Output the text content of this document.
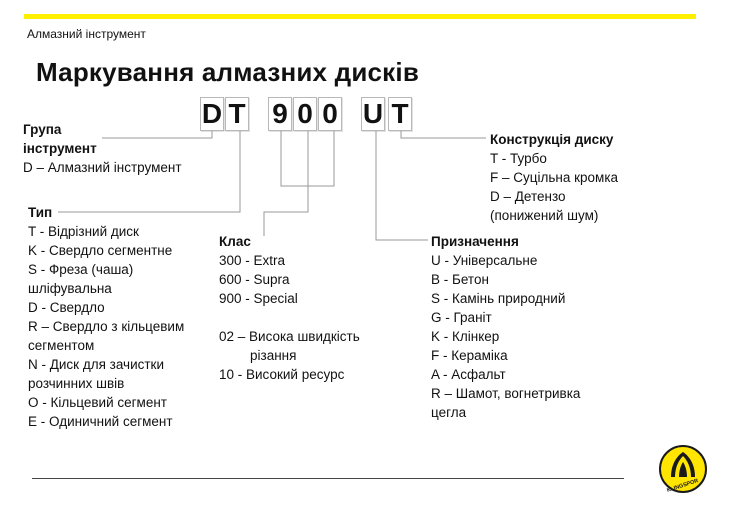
Алмазний інструмент
Маркування алмазних дисків
D T 9 0 0 U T
Група
інструмент
D – Алмазний інструмент
Тип
T - Відрізний диск
K - Свердло сегментне
S - Фреза (чаша)
шліфувальна
D - Свердло
R – Свердло з кільцевим
сегментом
N - Диск для зачистки
розчинних швів
O - Кільцевий сегмент
E - Одиничний сегмент
Клас
300 - Extra
600 - Supra
900 - Special
02 – Висока швидкість
різання
10 - Високий ресурс
Конструкція диску
T - Турбо
F – Суцільна кромка
D – Детензо
(понижений шум)
Призначення
U - Універсальне
B - Бетон
S - Камінь природний
G - Граніт
K - Клінкер
F - Кераміка
A - Асфальт
R – Шамот, вогнетривка
цегла
KLINGSPOR
